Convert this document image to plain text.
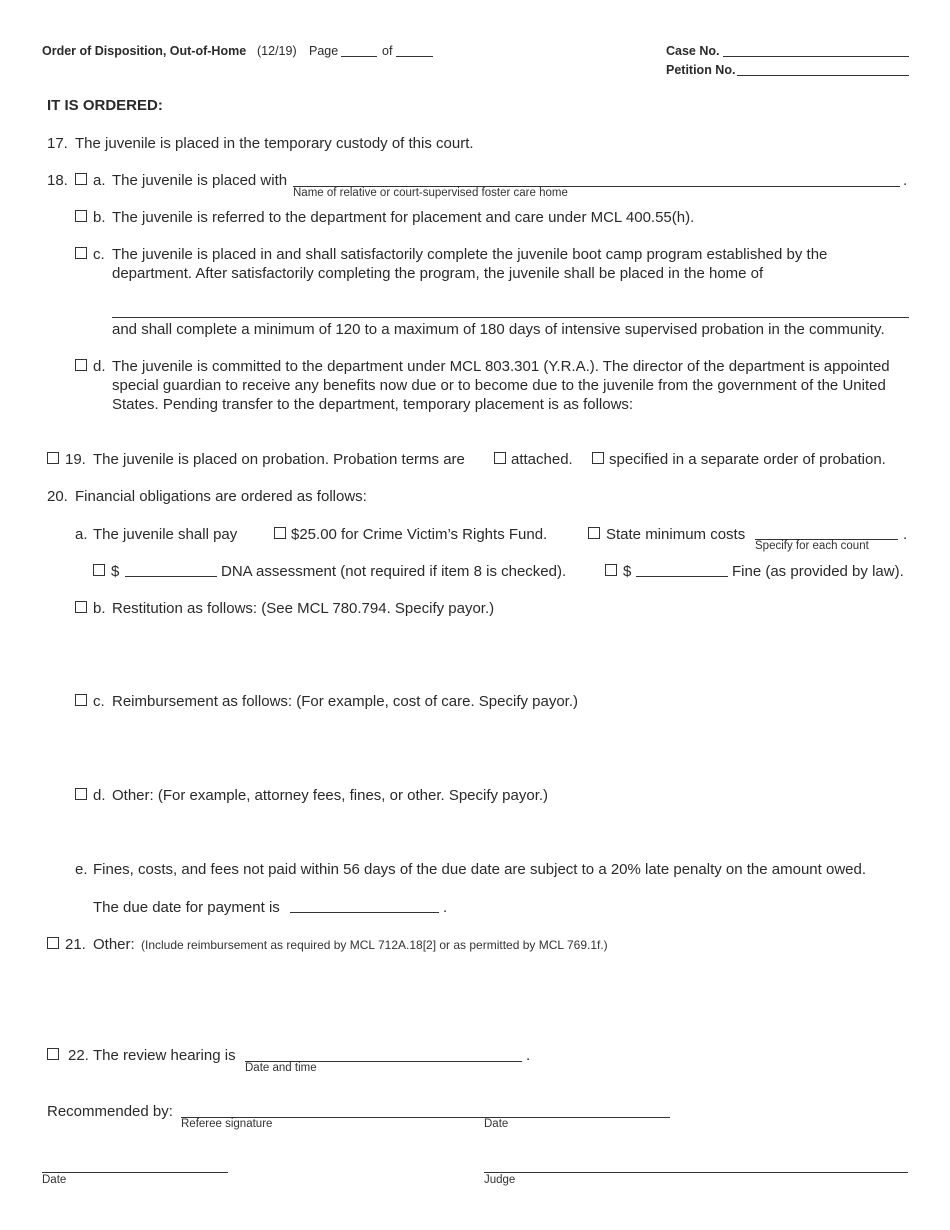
Order of Disposition, Out-of-Home (12/19) Page	of	Case No.
Petition No.
IT IS ORDERED:
17. The juvenile is placed in the temporary custody of this court.
18. a. The juvenile is placed with
Name of relative or court-supervised foster care home
.
b. The juvenile is referred to the department for placement and care under MCL 400.55(h).
c. The juvenile is placed in and shall satisfactorily complete the juvenile boot camp program established by the
department. After satisfactorily completing the program, the juvenile shall be placed in the home of
and shall complete a minimum of 120 to a maximum of 180 days of intensive supervised probation in the community.
d. The juvenile is committed to the department under MCL 803.301 (Y.R.A.). The director of the department is appointed
special guardian to receive any benefits now due or to become due to the juvenile from the government of the United
States. Pending transfer to the department, temporary placement is as follows:
19. The juvenile is placed on probation. Probation terms are	attached. specified in a separate order of probation.
20. Financial obligations are ordered as follows:
a. The juvenile shall pay	$25.00 for Crime Victim’s Rights Fund.	State minimum costs
Specify for each count
.
$	DNA assessment (not required if item 8 is checked).	$	Fine (as provided by law).
b. Restitution as follows: (See MCL 780.794. Specify payor.)
c. Reimbursement as follows: (For example, cost of care. Specify payor.)
d. Other: (For example, attorney fees, fines, or other. Specify payor.)
e. Fines, costs, and fees not paid within 56 days of the due date are subject to a 20% late penalty on the amount owed.
The due date for payment is	.
21. Other: (Include reimbursement as required by MCL 712A.18[2] or as permitted by MCL 769.1f.)
22. The review hearing is
Date and time
.
Recommended by:
Referee signature	Date
Date	Judge
